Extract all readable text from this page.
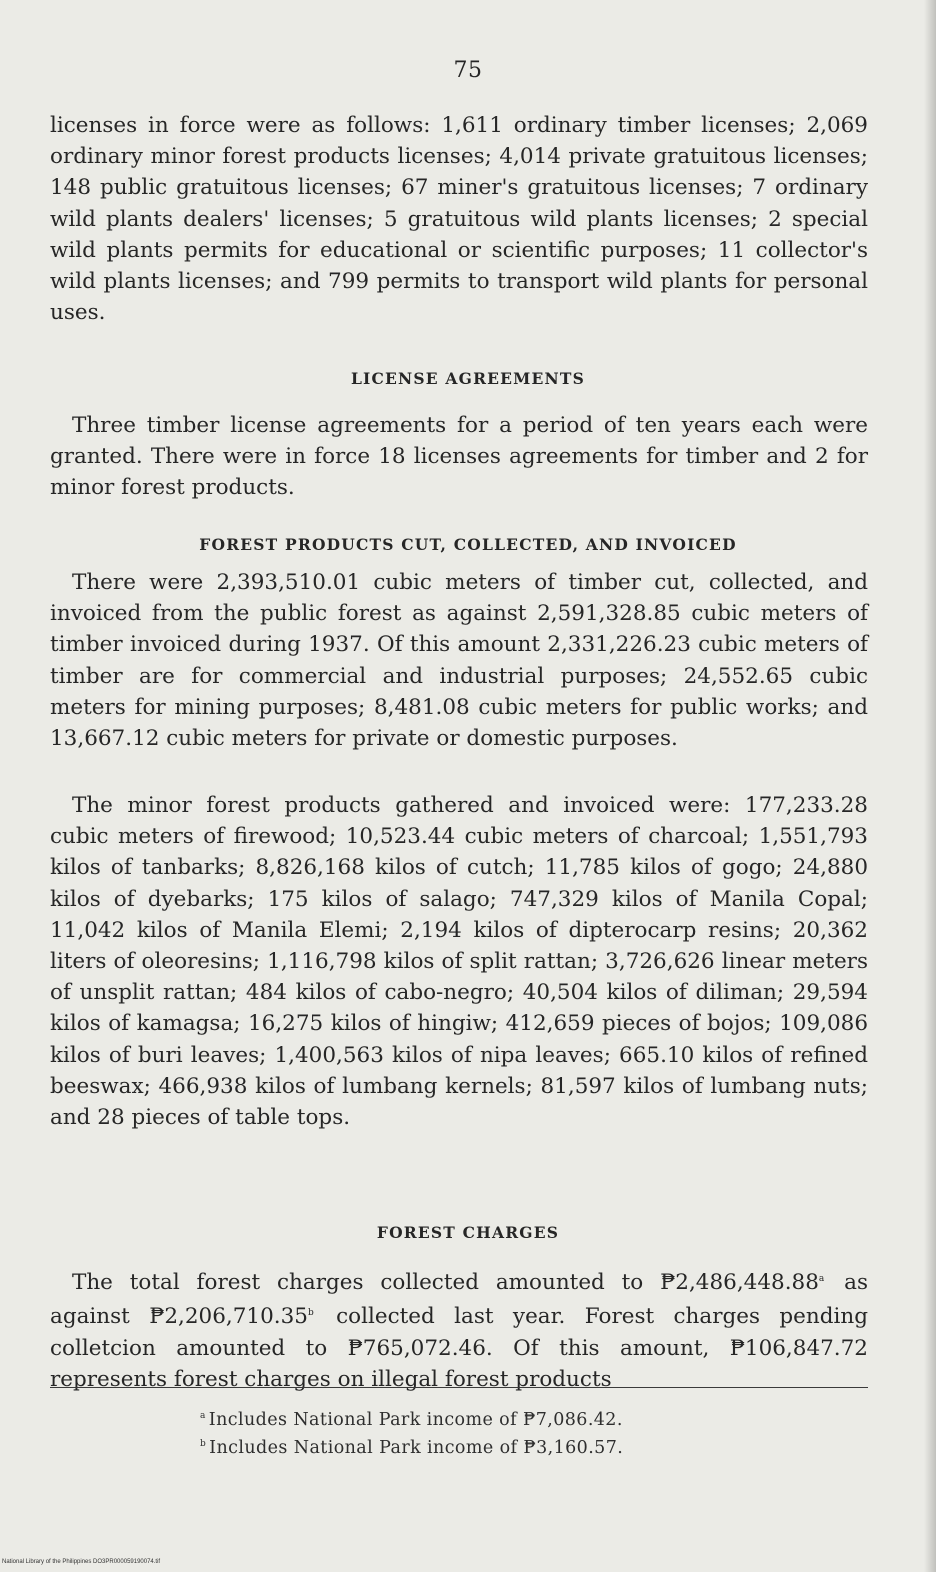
75

licenses in force were as follows: 1,611 ordinary timber licenses; 2,069 ordinary minor forest products licenses; 4,014 private gratuitous licenses; 148 public gratuitous licenses; 67 miner's gratuitous licenses; 7 ordinary wild plants dealers' licenses; 5 gratuitous wild plants licenses; 2 special wild plants permits for educational or scientific purposes; 11 collector's wild plants licenses; and 799 permits to transport wild plants for personal uses.

LICENSE AGREEMENTS

Three timber license agreements for a period of ten years each were granted. There were in force 18 licenses agreements for timber and 2 for minor forest products.

FOREST PRODUCTS CUT, COLLECTED, AND INVOICED

There were 2,393,510.01 cubic meters of timber cut, collected, and invoiced from the public forest as against 2,591,328.85 cubic meters of timber invoiced during 1937. Of this amount 2,331,226.23 cubic meters of timber are for commercial and industrial purposes; 24,552.65 cubic meters for mining purposes; 8,481.08 cubic meters for public works; and 13,667.12 cubic meters for private or domestic purposes.

The minor forest products gathered and invoiced were: 177,233.28 cubic meters of firewood; 10,523.44 cubic meters of charcoal; 1,551,793 kilos of tanbarks; 8,826,168 kilos of cutch; 11,785 kilos of gogo; 24,880 kilos of dyebarks; 175 kilos of salago; 747,329 kilos of Manila Copal; 11,042 kilos of Manila Elemi; 2,194 kilos of dipterocarp resins; 20,362 liters of oleoresins; 1,116,798 kilos of split rattan; 3,726,626 linear meters of unsplit rattan; 484 kilos of cabo-negro; 40,504 kilos of diliman; 29,594 kilos of kamagsa; 16,275 kilos of hingiw; 412,659 pieces of bojos; 109,086 kilos of buri leaves; 1,400,563 kilos of nipa leaves; 665.10 kilos of refined beeswax; 466,938 kilos of lumbang kernels; 81,597 kilos of lumbang nuts; and 28 pieces of table tops.

FOREST CHARGES

The total forest charges collected amounted to ₱2,486,448.88$^a$ as against ₱2,206,710.35$^b$ collected last year. Forest charges pending colletcion amounted to ₱765,072.46. Of this amount, ₱106,847.72 represents forest charges on illegal forest products

$^a$ Includes National Park income of ₱7,086.42.

$^b$ Includes National Park income of ₱3,160.57.

National Library of the Philippines DO3PR000059190074.tif
